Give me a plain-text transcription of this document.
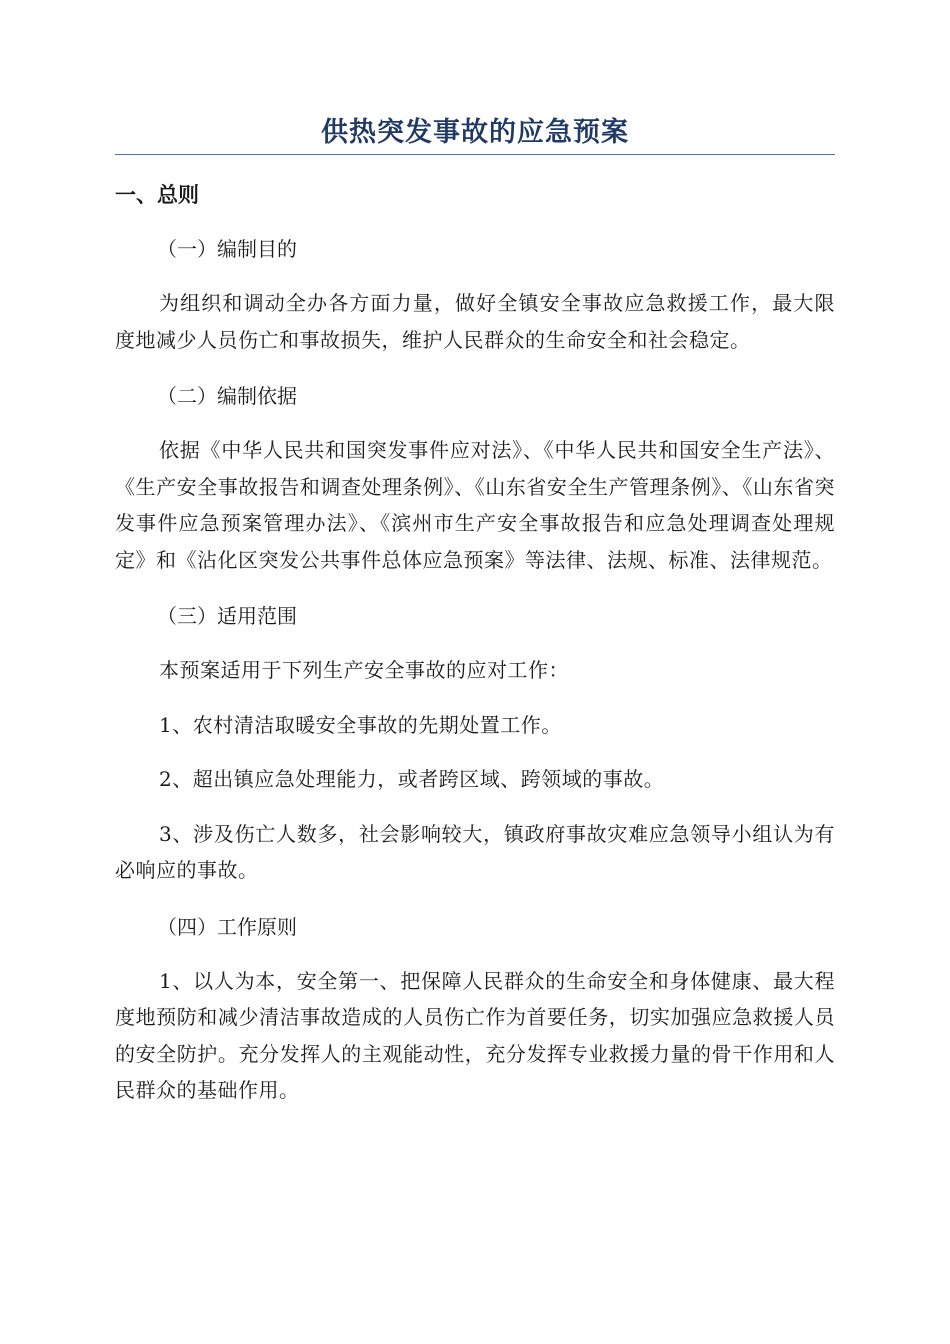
供热突发事故的应急预案
一、总则
（一）编制目的

为组织和调动全办各方面力量，做好全镇安全事故应急救援工作，最大限度地减少人员伤亡和事故损失，维护人民群众的生命安全和社会稳定。

（二）编制依据

依据《中华人民共和国突发事件应对法》、《中华人民共和国安全生产法》、《生产安全事故报告和调查处理条例》、《山东省安全生产管理条例》、《山东省突发事件应急预案管理办法》、《滨州市生产安全事故报告和应急处理调查处理规定》和《沾化区突发公共事件总体应急预案》等法律、法规、标准、法律规范。

（三）适用范围

本预案适用于下列生产安全事故的应对工作：

1、农村清洁取暖安全事故的先期处置工作。

2、超出镇应急处理能力，或者跨区域、跨领域的事故。

3、涉及伤亡人数多，社会影响较大，镇政府事故灾难应急领导小组认为有必响应的事故。

（四）工作原则

1、以人为本，安全第一、把保障人民群众的生命安全和身体健康、最大程度地预防和减少清洁事故造成的人员伤亡作为首要任务，切实加强应急救援人员的安全防护。充分发挥人的主观能动性，充分发挥专业救援力量的骨干作用和人民群众的基础作用。
